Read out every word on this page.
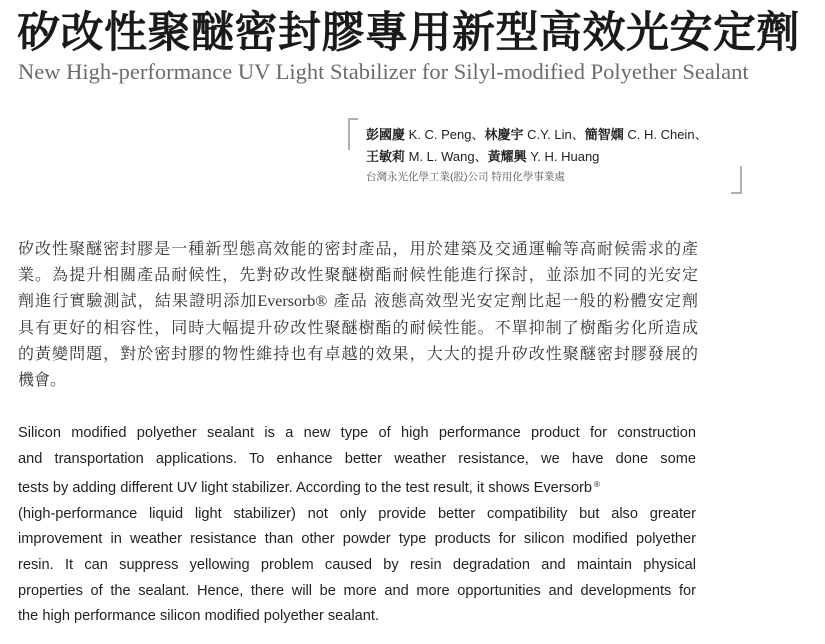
矽改性聚醚密封膠專用新型高效光安定劑
New High-performance UV Light Stabilizer for Silyl-modified Polyether Sealant
彭國慶 K. C. Peng、林慶宇 C.Y. Lin、簡智嫻 C. H. Chein、
王敏莉 M. L. Wang、黃耀興 Y. H. Huang
台灣永光化學工業(股)公司 特用化學事業處
矽改性聚醚密封膠是一種新型態高效能的密封產品，用於建築及交通運輸等高耐候需求的產
業。為提升相關產品耐候性，先對矽改性聚醚樹酯耐候性能進行探討，並添加不同的光安定
劑進行實驗測試，結果證明添加Eversorb® 產品 液態高效型光安定劑比起一般的粉體安定劑
具有更好的相容性，同時大幅提升矽改性聚醚樹酯的耐候性能。不單抑制了樹酯劣化所造成
的黃變問題，對於密封膠的物性維持也有卓越的效果，大大的提升矽改性聚醚密封膠發展的
機會。
Silicon modified polyether sealant is a new type of high performance product for construction
and transportation applications. To enhance better weather resistance, we have done some
tests by adding different UV light stabilizer. According to the test result, it shows Eversorb ®
(high-performance liquid light stabilizer) not only provide better compatibility but also greater
improvement in weather resistance than other powder type products for silicon modified polyether
resin. It can suppress yellowing problem caused by resin degradation and maintain physical
properties of the sealant. Hence, there will be more and more opportunities and developments for
the high performance silicon modified polyether sealant.
